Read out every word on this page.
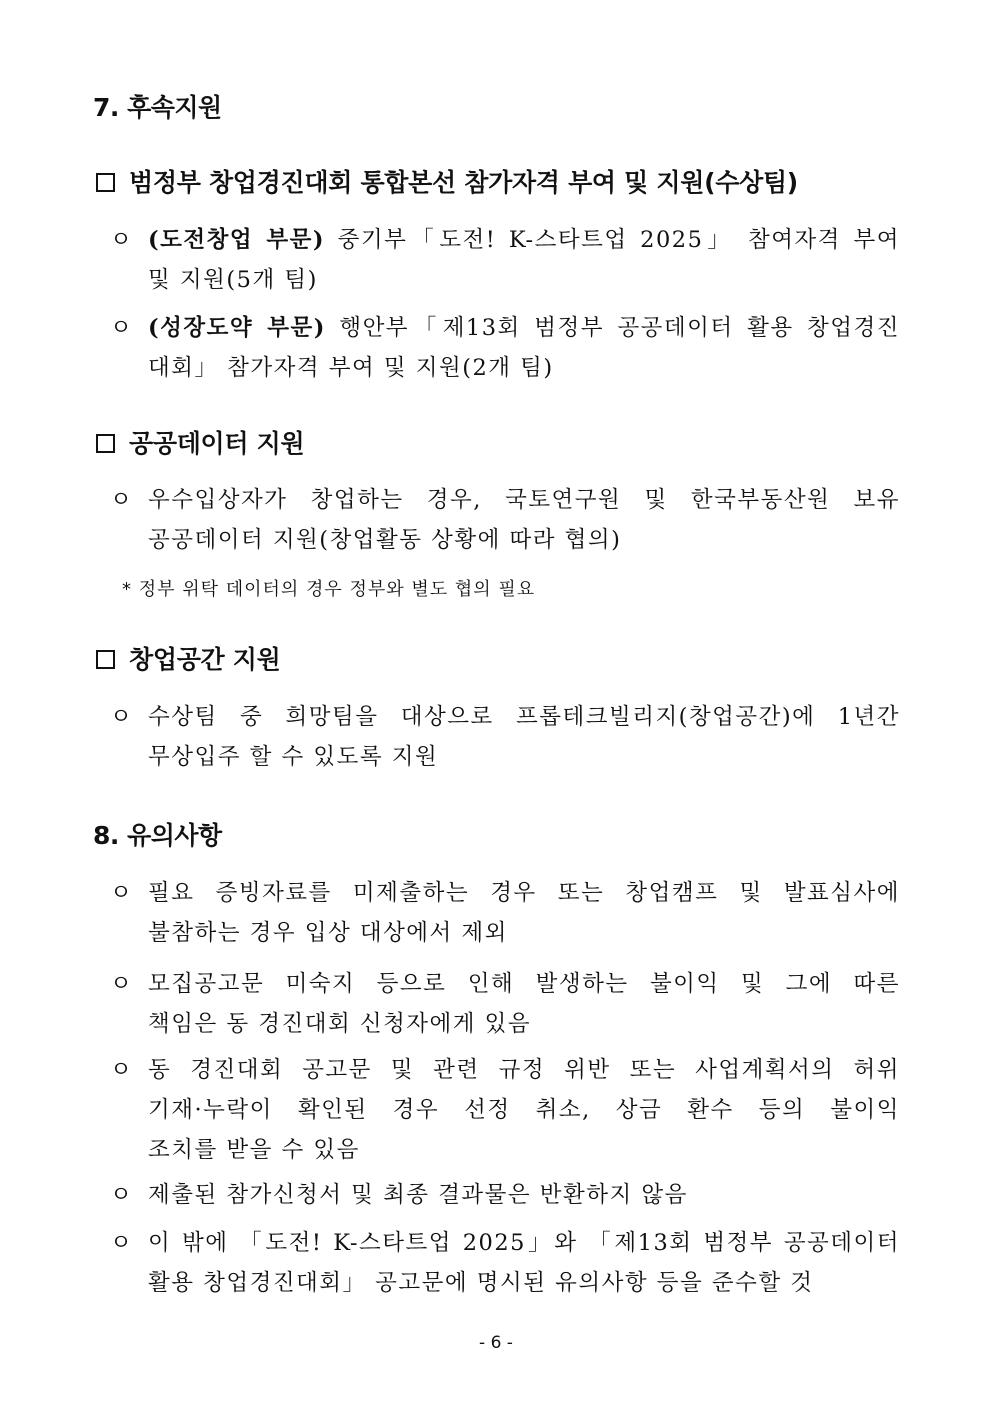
7. 후속지원
범정부 창업경진대회 통합본선 참가자격 부여 및 지원(수상팀)
ㅇ (도전창업 부문) 중기부「도전! K-스타트업 2025」 참여자격 부여
및 지원(5개 팀)
ㅇ (성장도약 부문) 행안부「제13회 범정부 공공데이터 활용 창업경진
대회」 참가자격 부여 및 지원(2개 팀)
공공데이터 지원
ㅇ 우수입상자가 창업하는 경우, 국토연구원 및 한국부동산원 보유
공공데이터 지원(창업활동 상황에 따라 협의)
* 정부 위탁 데이터의 경우 정부와 별도 협의 필요
창업공간 지원
ㅇ 수상팀 중 희망팀을 대상으로 프롭테크빌리지(창업공간)에 1년간
무상입주 할 수 있도록 지원
8. 유의사항
ㅇ 필요 증빙자료를 미제출하는 경우 또는 창업캠프 및 발표심사에
불참하는 경우 입상 대상에서 제외
ㅇ 모집공고문 미숙지 등으로 인해 발생하는 불이익 및 그에 따른
책임은 동 경진대회 신청자에게 있음
ㅇ 동 경진대회 공고문 및 관련 규정 위반 또는 사업계획서의 허위
기재·누락이 확인된 경우 선정 취소, 상금 환수 등의 불이익
조치를 받을 수 있음
ㅇ 제출된 참가신청서 및 최종 결과물은 반환하지 않음
ㅇ 이 밖에 「도전! K-스타트업 2025」와 「제13회 범정부 공공데이터
활용 창업경진대회」 공고문에 명시된 유의사항 등을 준수할 것
- 6 -
